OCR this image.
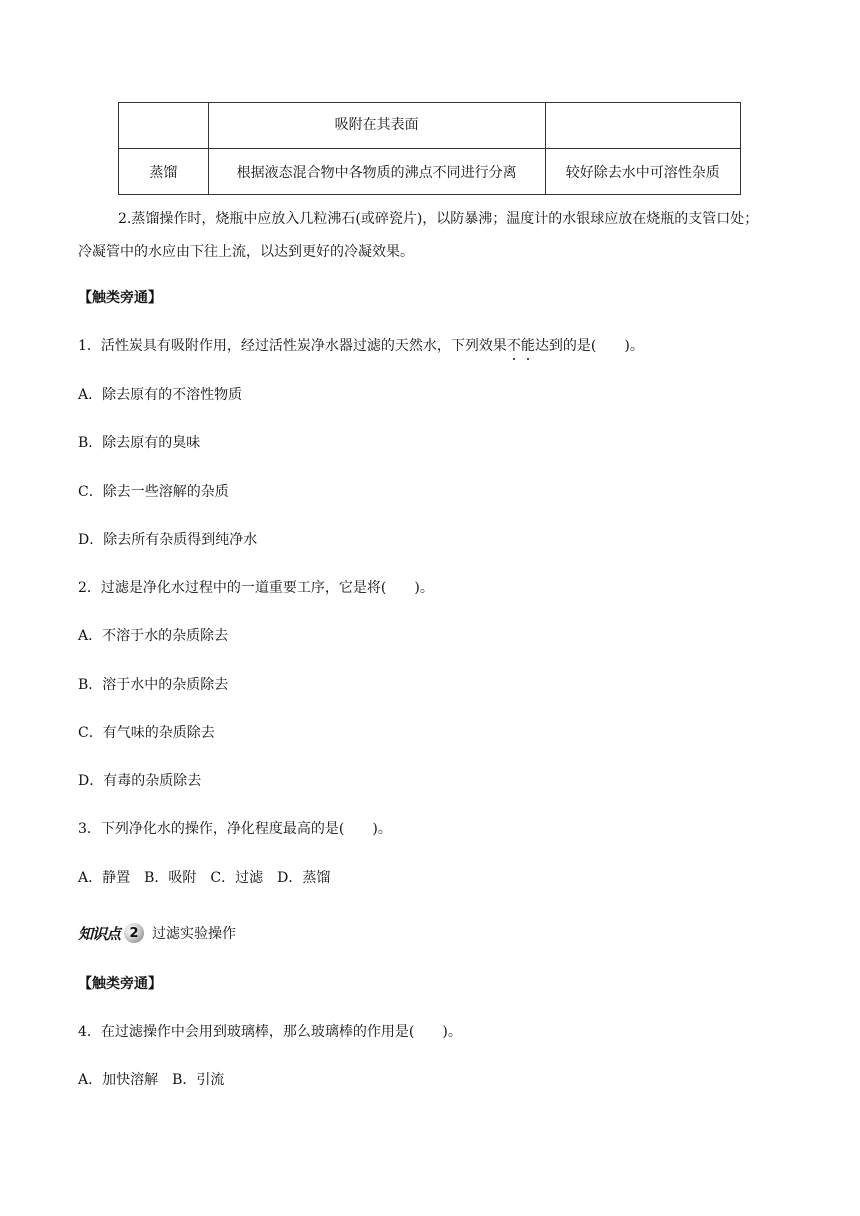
	吸附在其表面	
蒸馏	根据液态混合物中各物质的沸点不同进行分离	较好除去水中可溶性杂质
2.蒸馏操作时，烧瓶中应放入几粒沸石(或碎瓷片)，以防暴沸；温度计的水银球应放在烧瓶的支管口处；
冷凝管中的水应由下往上流，以达到更好的冷凝效果。
【触类旁通】
1．活性炭具有吸附作用，经过活性炭净水器过滤的天然水，下列效果不能达到的是(　　)。
A．除去原有的不溶性物质
B．除去原有的臭味
C．除去一些溶解的杂质
D．除去所有杂质得到纯净水
2．过滤是净化水过程中的一道重要工序，它是将(　　)。
A．不溶于水的杂质除去
B．溶于水中的杂质除去
C．有气味的杂质除去
D．有毒的杂质除去
3．下列净化水的操作，净化程度最高的是(　　)。
A．静置　B．吸附　C．过滤　D．蒸馏
知识点 2 过滤实验操作
【触类旁通】
4．在过滤操作中会用到玻璃棒，那么玻璃棒的作用是(　　)。
A．加快溶解　B．引流
